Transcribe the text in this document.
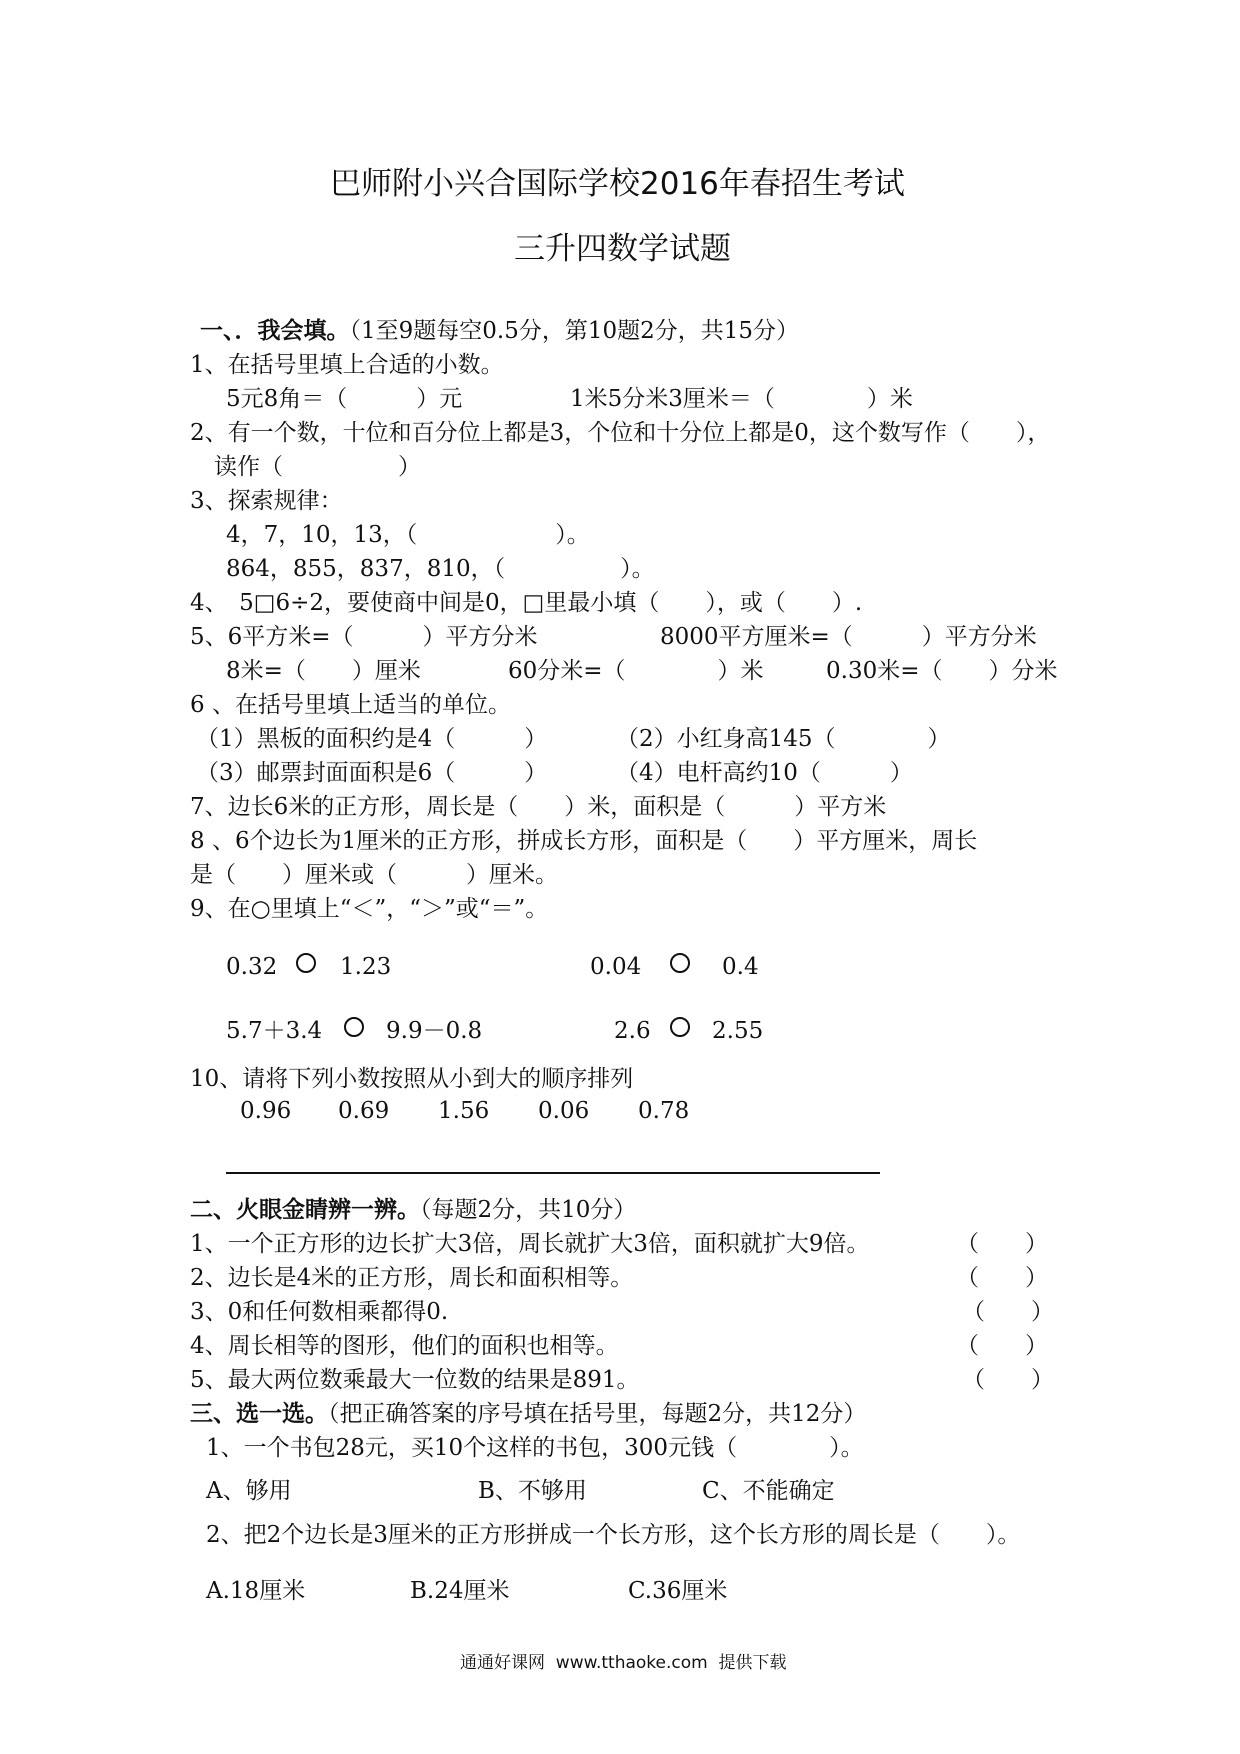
巴师附小兴合国际学校2016年春招生考试
三升四数学试题
一、．我会填。（1至9题每空0.5分，第10题2分，共15分）
1、在括号里填上合适的小数。
5元8角＝（　　　）元	1米5分米3厘米＝（　　　　）米
2、有一个数，十位和百分位上都是3，个位和十分位上都是0，这个数写作（　　），
读作（　　　　　）
3、探索规律：
4，7，10，13，（　　　　　　）。
864，855，837，810，（　　　　　）。
4、　5□6÷2，要使商中间是0，□里最小填（　　），或（　　）.
5、6平方米=（　　　）平方分米	8000平方厘米=（　　　）平方分米
8米=（　　）厘米	60分米=（　　　　）米	0.30米=（　　）分米
6 、在括号里填上适当的单位。
（1）黑板的面积约是4（　　　）	（2）小红身高145（　　　　）
（3）邮票封面面积是6（　　　）	（4）电杆高约10（　　　）
7、边长6米的正方形，周长是（　　）米，面积是（　　　）平方米
8 、6个边长为1厘米的正方形，拼成长方形，面积是（　　）平方厘米，周长
是（　　）厘米或（　　　）厘米。
9、在○里填上“＜”，“＞”或“＝”。
0.32	1.23	0.04	0.4
5.7＋3.4	9.9－0.8	2.6	2.55
10、请将下列小数按照从小到大的顺序排列
0.96 0.69 1.56 0.06 0.78
二、火眼金睛辨一辨。（每题2分，共10分）
1、一个正方形的边长扩大3倍，周长就扩大3倍，面积就扩大9倍。	（　　）
2、边长是4米的正方形，周长和面积相等。	（　　）
3、0和任何数相乘都得0.	（　　）
4、周长相等的图形，他们的面积也相等。	（　　）
5、最大两位数乘最大一位数的结果是891。	（　　）
三、选一选。（把正确答案的序号填在括号里，每题2分，共12分）
1、一个书包28元，买10个这样的书包，300元钱（　　　　）。
A、够用	B、不够用	C、不能确定
2、把2个边长是3厘米的正方形拼成一个长方形，这个长方形的周长是（　　）。
A.18厘米	B.24厘米	C.36厘米
通通好课网  www.tthaoke.com  提供下载
